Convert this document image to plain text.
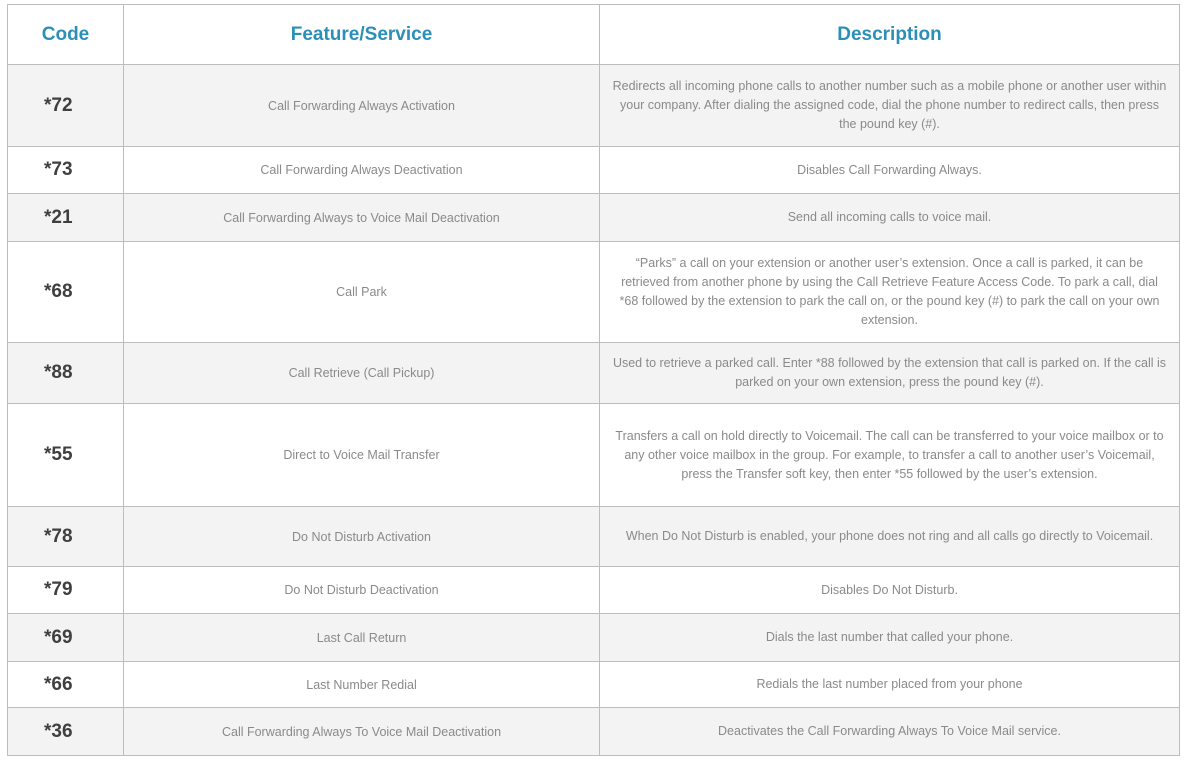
Code	Feature/Service	Description
*72	Call Forwarding Always Activation	Redirects all incoming phone calls to another number such as a mobile phone or another user within your company. After dialing the assigned code, dial the phone number to redirect calls, then press the pound key (#).
*73	Call Forwarding Always Deactivation	Disables Call Forwarding Always.
*21	Call Forwarding Always to Voice Mail Deactivation	Send all incoming calls to voice mail.
*68	Call Park	“Parks” a call on your extension or another user’s extension. Once a call is parked, it can be retrieved from another phone by using the Call Retrieve Feature Access Code. To park a call, dial *68 followed by the extension to park the call on, or the pound key (#) to park the call on your own extension.
*88	Call Retrieve (Call Pickup)	Used to retrieve a parked call. Enter *88 followed by the extension that call is parked on. If the call is parked on your own extension, press the pound key (#).
*55	Direct to Voice Mail Transfer	Transfers a call on hold directly to Voicemail. The call can be transferred to your voice mailbox or to any other voice mailbox in the group. For example, to transfer a call to another user’s Voicemail, press the Transfer soft key, then enter *55 followed by the user’s extension.
*78	Do Not Disturb Activation	When Do Not Disturb is enabled, your phone does not ring and all calls go directly to Voicemail.
*79	Do Not Disturb Deactivation	Disables Do Not Disturb.
*69	Last Call Return	Dials the last number that called your phone.
*66	Last Number Redial	Redials the last number placed from your phone
*36	Call Forwarding Always To Voice Mail Deactivation	Deactivates the Call Forwarding Always To Voice Mail service.
